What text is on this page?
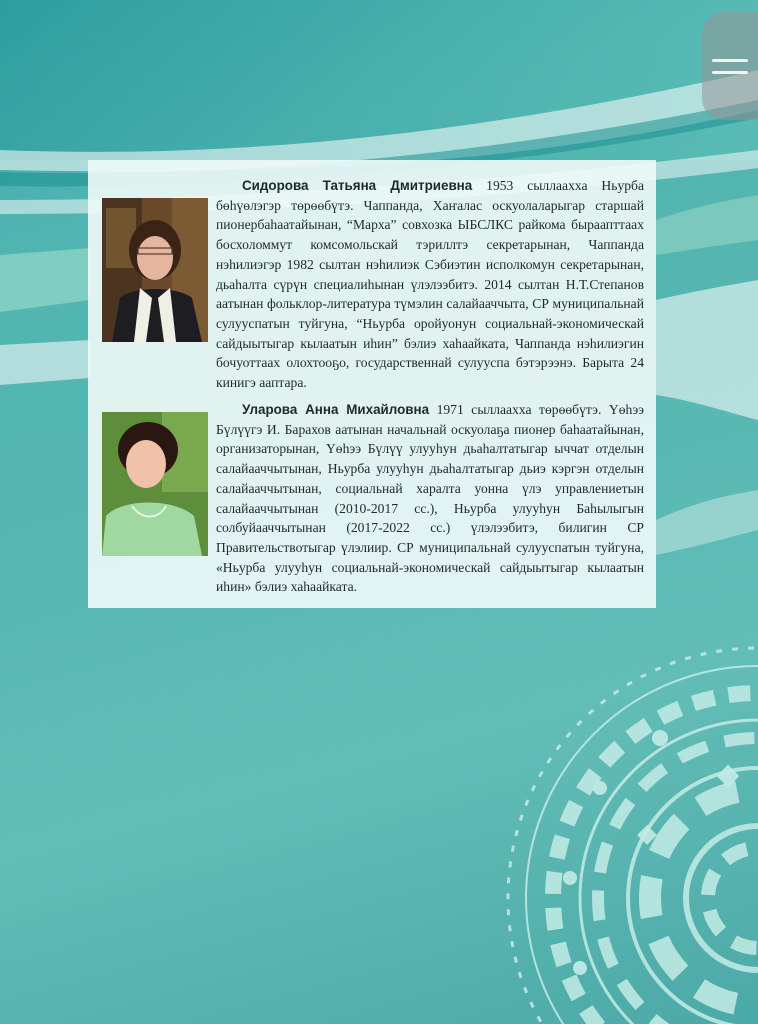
Сидорова Татьяна Дмитриевна 1953 сыллаахха Ньурба бөһүөлэгэр төрөөбүтэ. Чаппанда, Хаҥалас оскуолаларыгар старшай пионербаһаатайынан, “Марха” совхозка ЫБСЛКС райкома быраапттаах босхоломмут комсомольскай тэриллтэ секретарынан, Чаппанда нэһилиэгэр 1982 сылтан нэһилиэк Сэбиэтин исполкомун секретарынан, дьаһалта сүрүн специалиһынан үлэлээбитэ. 2014 сылтан Н.Т.Степанов аатынан фольклор-литература түмэлин салайааччыта, СР муниципальнай сулууспатын туйгуна, “Ньурба оройуонун социальнай-экономическай сайдыытыгар кылаатын иһин” бэлиэ хаһаайката, Чаппанда нэһилиэгин бочуоттаах олохтооҕо, государственнай сулууспа бэтэрээнэ. Барыта 24 кинигэ ааптара.

Уларова Анна Михайловна 1971 сыллаахха төрөөбүтэ. Үөһээ Бүлүүгэ И. Барахов аатынан начальнай оскуолаҕа пионер баһаатайынан, организаторынан, Үөһээ Бүлүү улууһун дьаһалтатыгар ыччат отделын салайааччытынан, Ньурба улууһун дьаһалтатыгар дьиэ кэргэн отделын салайааччытынан, социальнай харалта уонна үлэ управлениетын салайааччытынан (2010-2017 сс.), Ньурба улууһун Баһылыгын солбуйааччытынан (2017-2022 сс.) үлэлээбитэ, билигин СР Правительствотыгар үлэлиир. СР муниципальнай сулууспатын туйгуна, «Ньурба улууһун социальнай-экономическай сайдыытыгар кылаатын иһин» бэлиэ хаһаайката.
